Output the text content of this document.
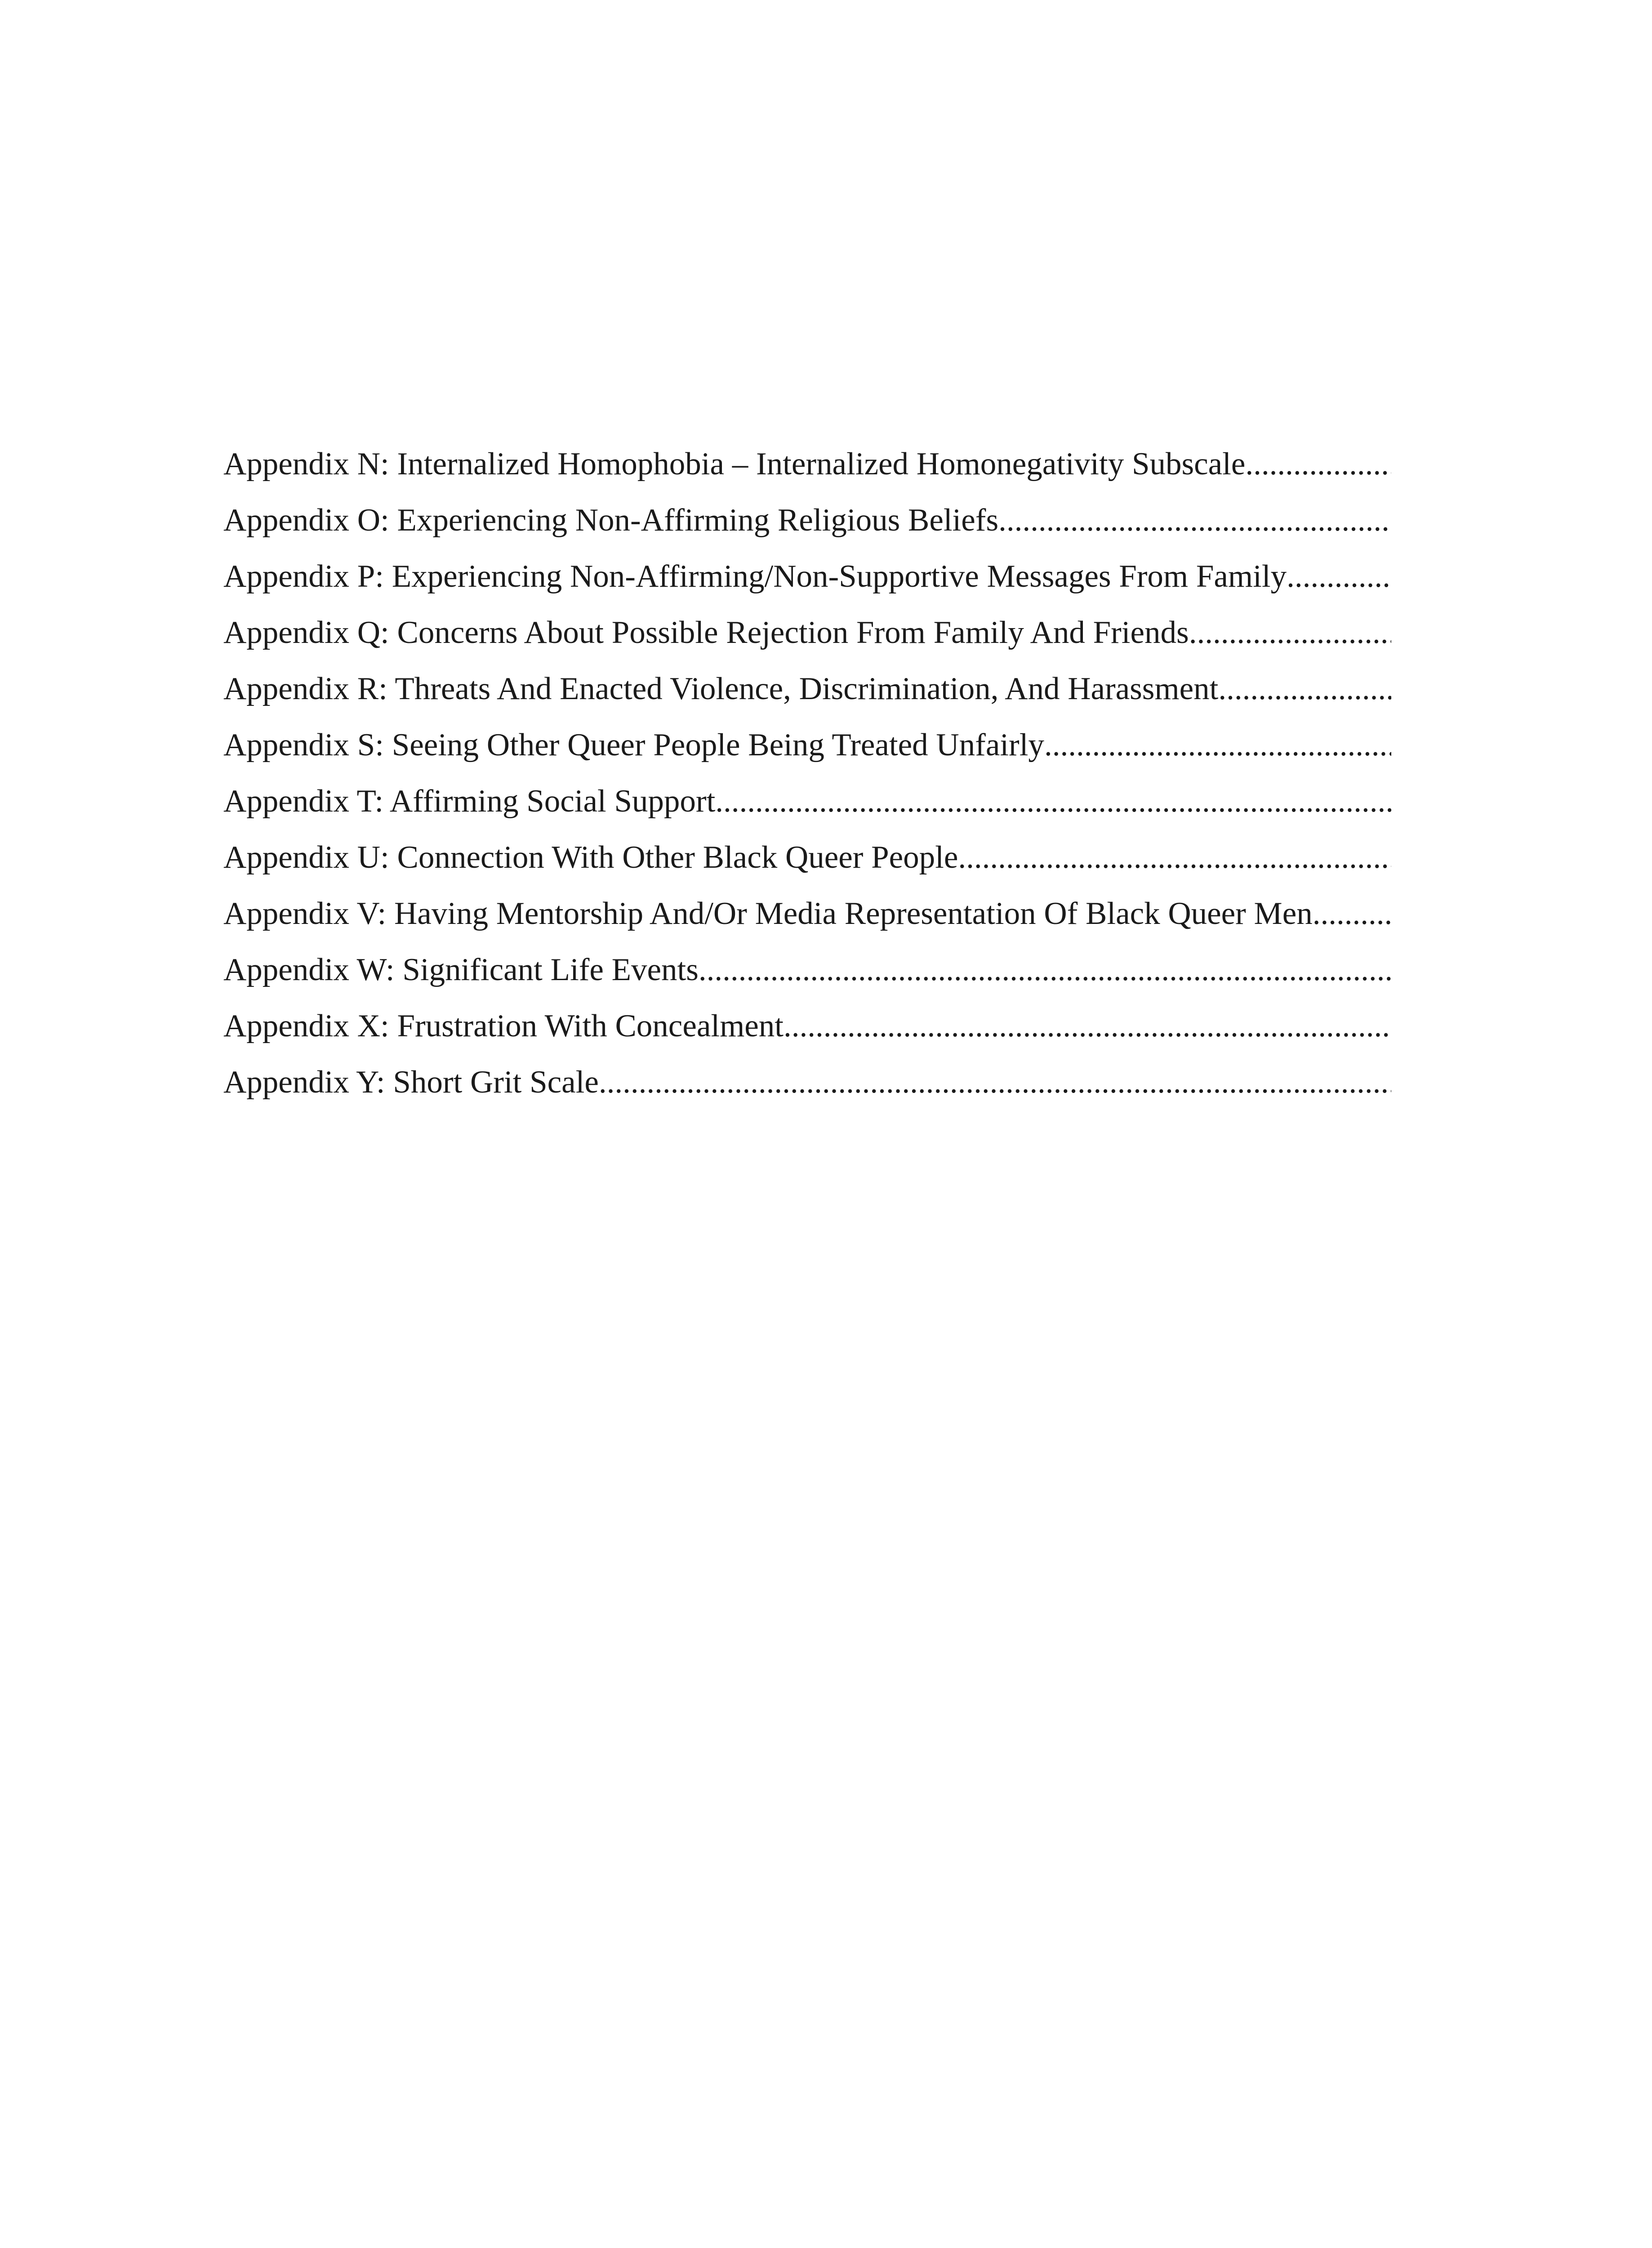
Appendix N: Internalized Homophobia – Internalized Homonegativity Subscale
.....
Appendix O: Experiencing Non-Affirming Religious Beliefs
.....
Appendix P: Experiencing Non-Affirming/Non-Supportive Messages From Family
.....
Appendix Q: Concerns About Possible Rejection From Family And Friends
.....
Appendix R: Threats And Enacted Violence, Discrimination, And Harassment
.....
Appendix S: Seeing Other Queer People Being Treated Unfairly
.....
Appendix T: Affirming Social Support
.....
Appendix U: Connection With Other Black Queer People
.....
Appendix V: Having Mentorship And/Or Media Representation Of Black Queer Men
.....
Appendix W: Significant Life Events
.....
Appendix X: Frustration With Concealment
.....
Appendix Y: Short Grit Scale
.....
